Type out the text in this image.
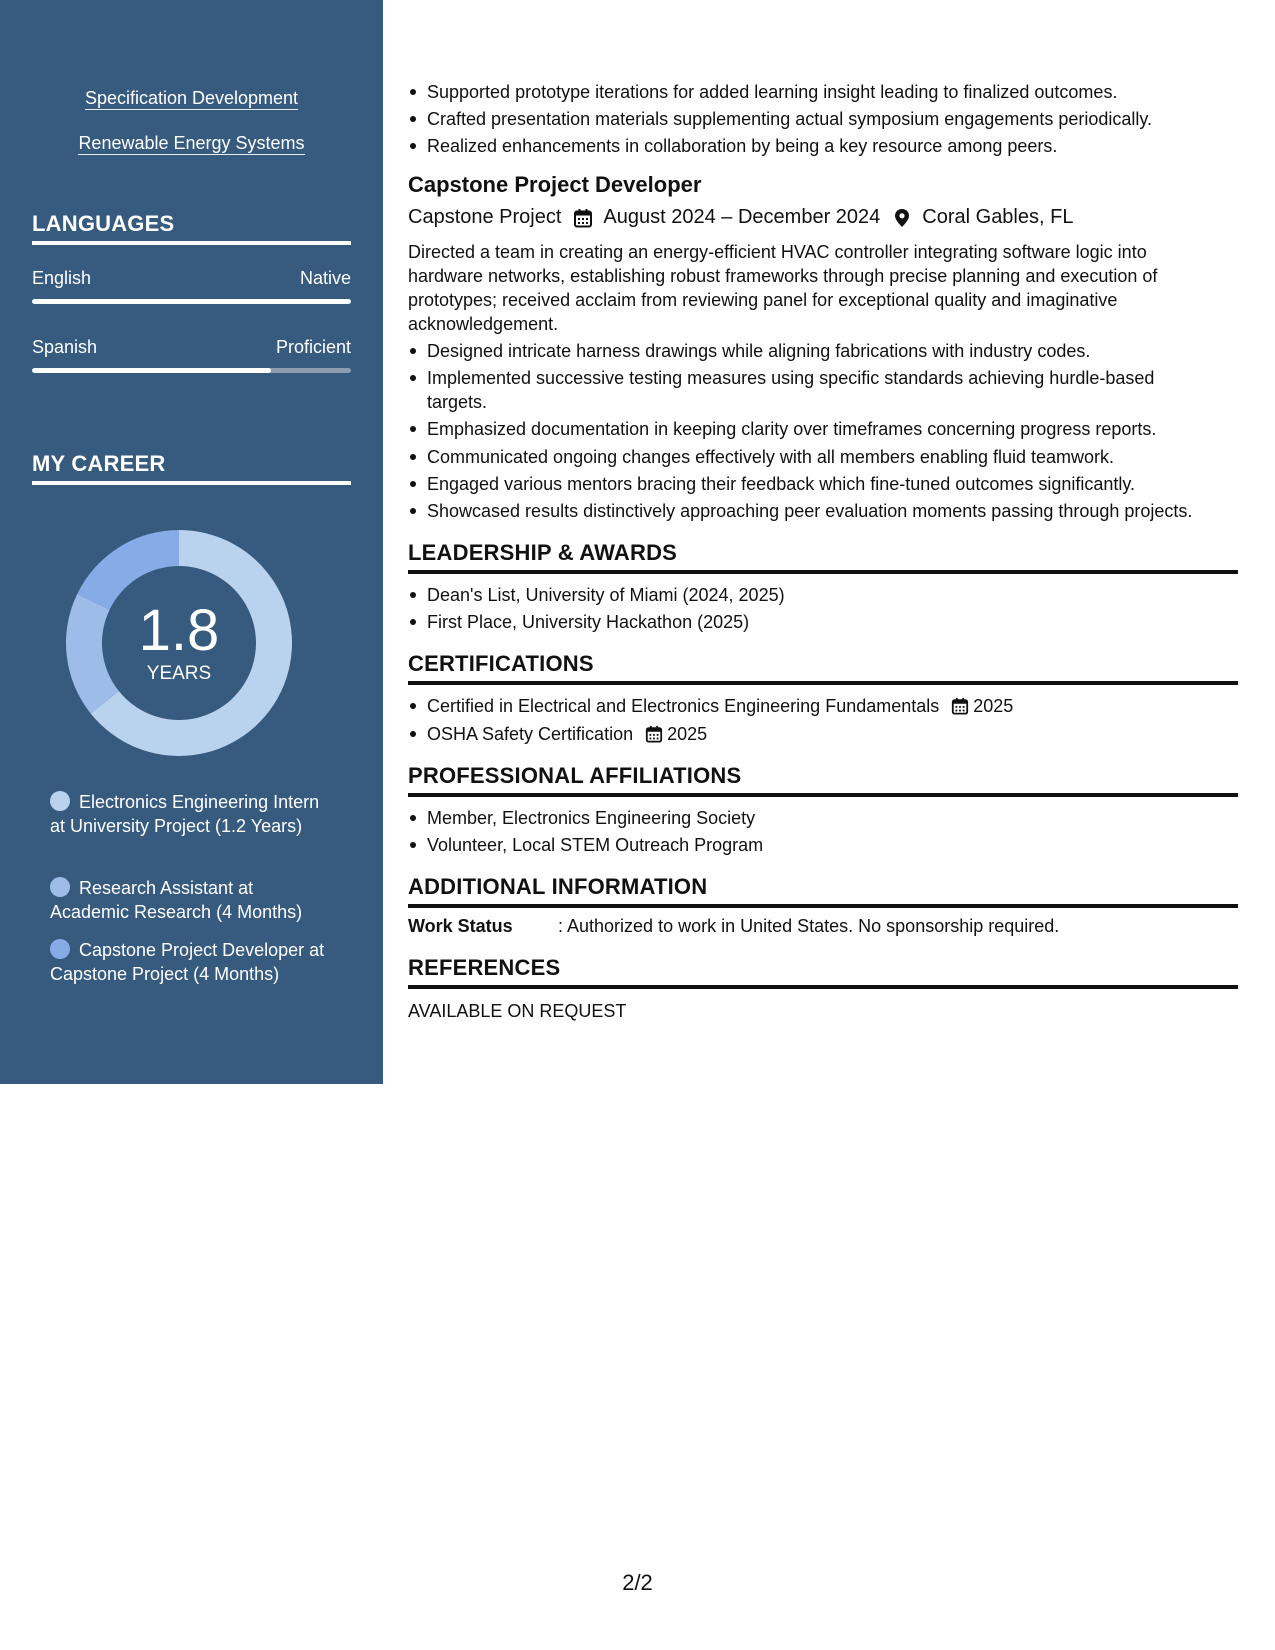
Specification Development
Renewable Energy Systems
LANGUAGES
English	Native
Spanish	Proficient
MY CAREER
1.8
YEARS
Electronics Engineering Intern at University Project (1.2 Years)
Research Assistant at Academic Research (4 Months)
Capstone Project Developer at Capstone Project (4 Months)
Supported prototype iterations for added learning insight leading to finalized outcomes.
Crafted presentation materials supplementing actual symposium engagements periodically.
Realized enhancements in collaboration by being a key resource among peers.
Capstone Project Developer
Capstone Project August 2024 – December 2024 Coral Gables, FL
Directed a team in creating an energy-efficient HVAC controller integrating software logic into hardware networks, establishing robust frameworks through precise planning and execution of prototypes; received acclaim from reviewing panel for exceptional quality and imaginative acknowledgement.
Designed intricate harness drawings while aligning fabrications with industry codes.
Implemented successive testing measures using specific standards achieving hurdle-based targets.
Emphasized documentation in keeping clarity over timeframes concerning progress reports.
Communicated ongoing changes effectively with all members enabling fluid teamwork.
Engaged various mentors bracing their feedback which fine-tuned outcomes significantly.
Showcased results distinctively approaching peer evaluation moments passing through projects.
LEADERSHIP & AWARDS
Dean's List, University of Miami (2024, 2025)
First Place, University Hackathon (2025)
CERTIFICATIONS
Certified in Electrical and Electronics Engineering Fundamentals 2025
OSHA Safety Certification 2025
PROFESSIONAL AFFILIATIONS
Member, Electronics Engineering Society
Volunteer, Local STEM Outreach Program
ADDITIONAL INFORMATION
Work Status	: Authorized to work in United States. No sponsorship required.
REFERENCES
AVAILABLE ON REQUEST
2/2
